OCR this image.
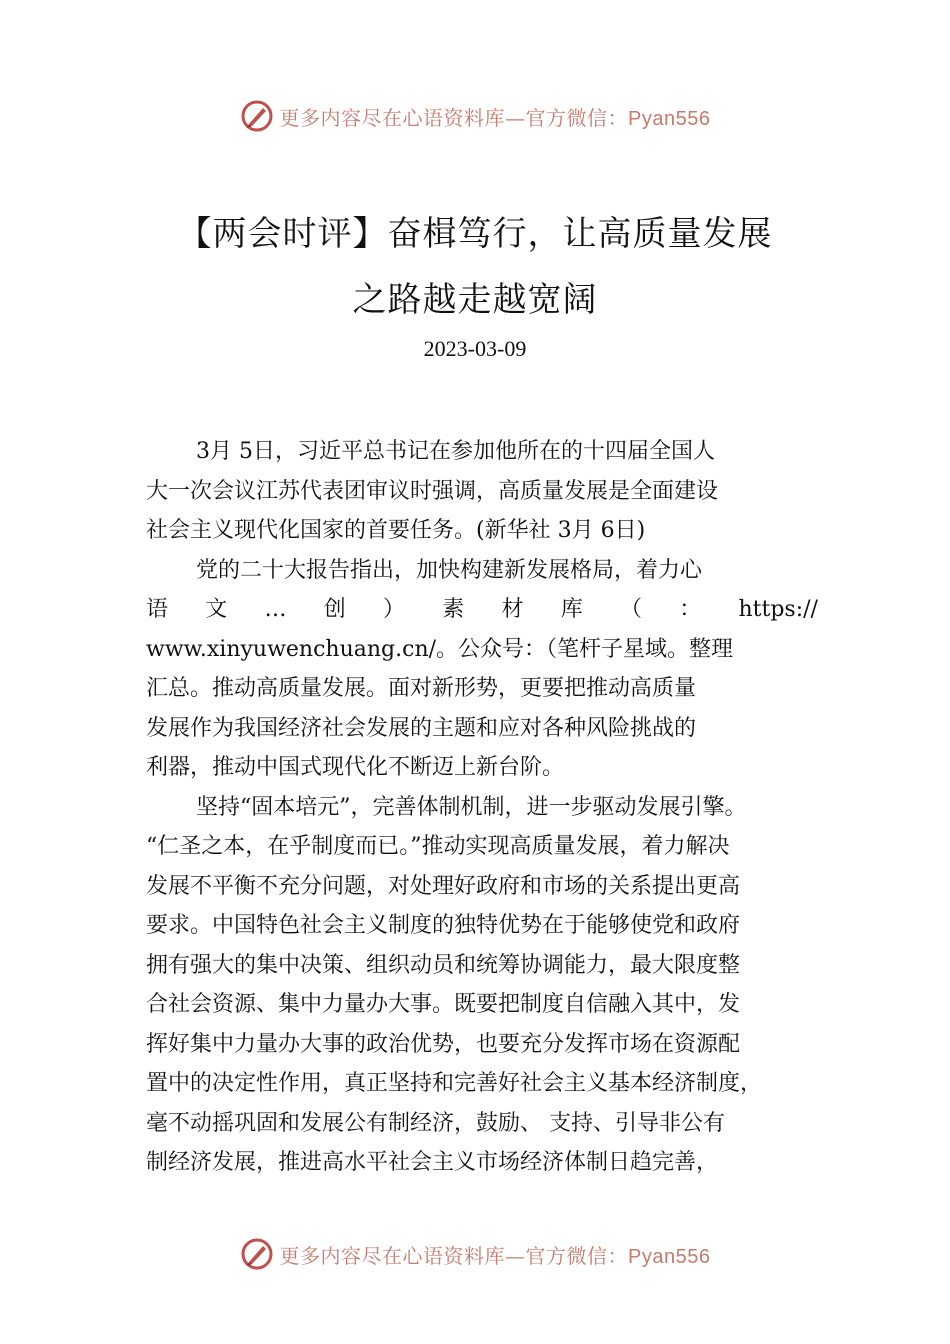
更多内容尽在心语资料库—官方微信：Pyan556
【两会时评】奋楫笃行，让高质量发展
之路越走越宽阔
2023-03-09
3月 5日，习近平总书记在参加他所在的十四届全国人
大一次会议江苏代表团审议时强调，高质量发展是全面建设
社会主义现代化国家的首要任务。(新华社 3月 6日)
党的二十大报告指出，加快构建新发展格局，着力心
语 文 … 创 ） 素 材 库 （ ： https://
www.xinyuwenchuang.cn/。公众号：（笔杆子星域。整理
汇总。推动高质量发展。面对新形势，更要把推动高质量
发展作为我国经济社会发展的主题和应对各种风险挑战的
利器，推动中国式现代化不断迈上新台阶。
坚持“固本培元”，完善体制机制，进一步驱动发展引擎。
“仁圣之本，在乎制度而已。”推动实现高质量发展，着力解决
发展不平衡不充分问题，对处理好政府和市场的关系提出更高
要求。中国特色社会主义制度的独特优势在于能够使党和政府
拥有强大的集中决策、组织动员和统筹协调能力，最大限度整
合社会资源、集中力量办大事。既要把制度自信融入其中，发
挥好集中力量办大事的政治优势，也要充分发挥市场在资源配
置中的决定性作用，真正坚持和完善好社会主义基本经济制度，
毫不动摇巩固和发展公有制经济，鼓励、 支持、引导非公有
制经济发展，推进高水平社会主义市场经济体制日趋完善，
更多内容尽在心语资料库—官方微信：Pyan556
